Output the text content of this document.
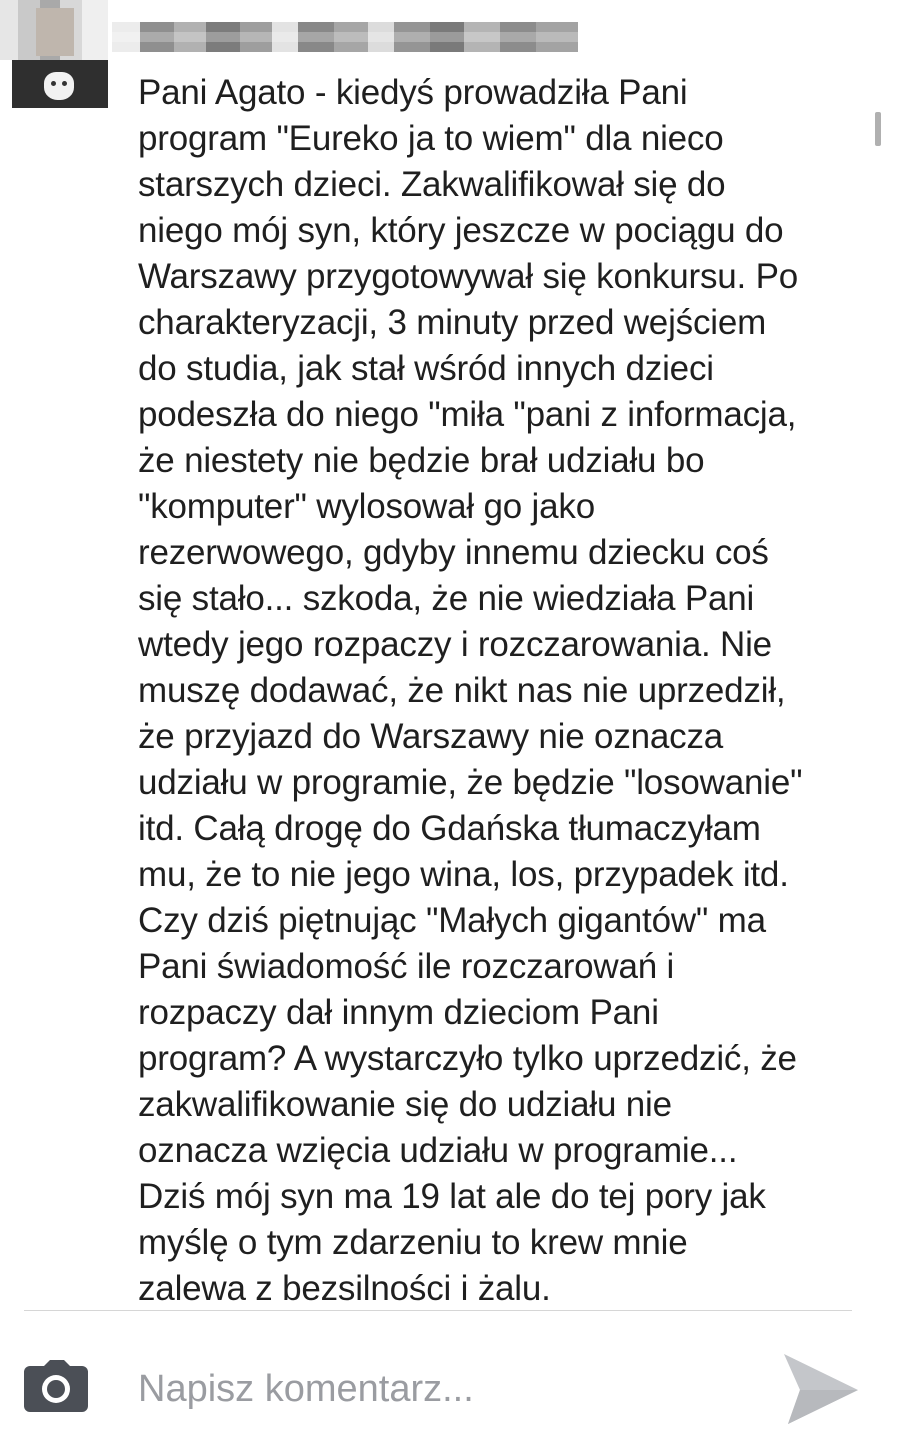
Pani Agato - kiedyś prowadziła Pani
program "Eureko ja to wiem" dla nieco
starszych dzieci. Zakwalifikował się do
niego mój syn, który jeszcze w pociągu do
Warszawy przygotowywał się konkursu. Po
charakteryzacji, 3 minuty przed wejściem
do studia, jak stał wśród innych dzieci
podeszła do niego "miła "pani z informacja,
że niestety nie będzie brał udziału bo
"komputer" wylosował go jako
rezerwowego, gdyby innemu dziecku coś
się stało... szkoda, że nie wiedziała Pani
wtedy jego rozpaczy i rozczarowania. Nie
muszę dodawać, że nikt nas nie uprzedził,
że przyjazd do Warszawy nie oznacza
udziału w programie, że będzie "losowanie"
itd. Całą drogę do Gdańska tłumaczyłam
mu, że to nie jego wina, los, przypadek itd.
Czy dziś piętnując "Małych gigantów" ma
Pani świadomość ile rozczarowań i
rozpaczy dał innym dzieciom Pani
program? A wystarczyło tylko uprzedzić, że
zakwalifikowanie się do udziału nie
oznacza wzięcia udziału w programie...
Dziś mój syn ma 19 lat ale do tej pory jak
myślę o tym zdarzeniu to krew mnie
zalewa z bezsilności i żalu.

Napisz komentarz...
